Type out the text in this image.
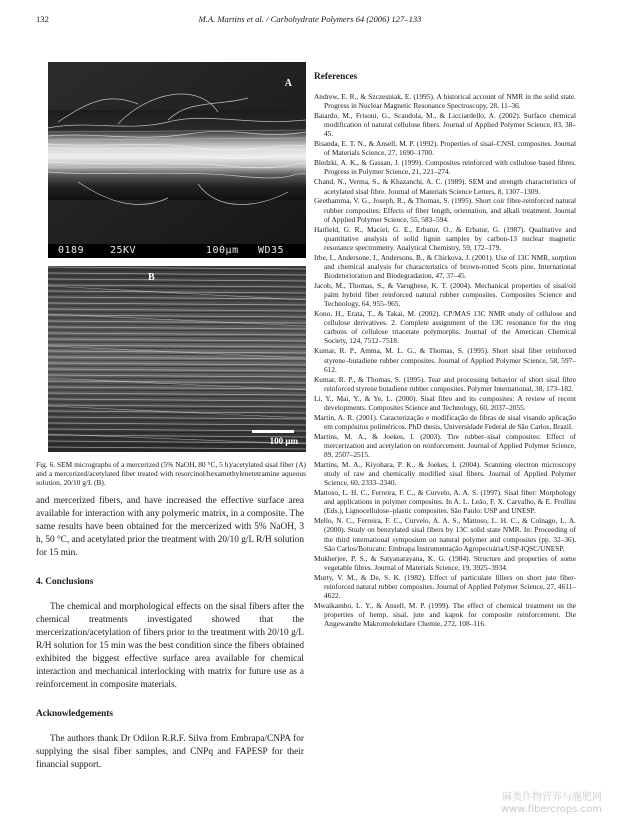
132	M.A. Martins et al. / Carbohydrate Polymers 64 (2006) 127–133
A
0189	25KV	100μm WD35
B
100 μm

Fig. 6. SEM micrographs of a mercerized (5% NaOH, 80 °C, 5 h)/acetylated sisal fiber (A) and a mercerized/acetylated fiber treated with resorcinol/hexamethylenetetramine aqueous solution, 20/10 g/L (B).

and mercerized fibers, and have increased the effective surface area available for interaction with any polymeric matrix, in a composite. The same results have been obtained for the mercerized with 5% NaOH, 3 h, 50 °C, and acetylated prior the treatment with 20/10 g/L R/H solution for 15 min.

4. Conclusions

The chemical and morphological effects on the sisal fibers after the chemical treatments investigated showed that the mercerization/acetylation of fibers prior to the treatment with 20/10 g/L R/H solution for 15 min was the best condition since the fibers obtained exhibited the biggest effective surface area available for chemical interaction and mechanical interlocking with matrix for future use as a reinforcement in composite materials.

Acknowledgements

The authors thank Dr Odilon R.R.F. Silva from Embrapa/CNPA for supplying the sisal fiber samples, and CNPq and FAPESP for their financial support.

References
Andrew, E. R., & Szczesniak, E. (1995). A historical account of NMR in the solid state. Progress in Nuclear Magnetic Resonance Spectroscopy, 28, 11–36.
Baiardo, M., Frisoni, G., Scandola, M., & Licciardello, A. (2002). Surface chemical modification of natural cellulose fibers. Journal of Applied Polymer Science, 83, 38–45.
Bisanda, E. T. N., & Ansell, M. P. (1992). Properties of sisal–CNSL composites. Journal of Materials Science, 27, 1690–1700.
Bledzki, A. K., & Gassan, J. (1999). Composites reinforced with cellulose based fibres. Progress in Polymer Science, 21, 221–274.
Chand, N., Verma, S., & Khazanchi, A. C. (1989). SEM and strength characteristics of acetylated sisal fibre. Journal of Materials Science Letters, 8, 1307–1309.
Geethamma, V. G., Joseph, R., & Thomas, S. (1995). Short coir fibre-reinforced natural rubber composites: Effects of fiber length, orientation, and alkali treatment. Journal of Applied Polymer Science, 55, 583–594.
Hatfield, G. R., Maciel, G. E., Erbatur, O., & Erbatur, G. (1987). Qualitative and quantitative analysis of solid lignin samples by carbon-13 nuclear magnetic resonance spectrometry. Analytical Chemistry, 59, 172–179.
Irbe, I., Andersone, I., Andersons, B., & Chirkova, J. (2001). Use of 13C NMR, sorption and chemical analysis for characteristics of brown-rotted Scots pine. International Biodeterioration and Biodegradation, 47, 37–45.
Jacob, M., Thomas, S., & Varughese, K. T. (2004). Mechanical properties of sisal/oil palm hybrid fiber reinforced natural rubber composites. Composites Science and Technology, 64, 955–965.
Kono, H., Erata, T., & Takai, M. (2002). CP/MAS 13C NMR study of cellulose and cellulose derivatives. 2. Complete assignment of the 13C resonance for the ring carbons of cellulose triacetate polymorphs. Journal of the American Chemical Society, 124, 7512–7518.
Kumar, R. P., Amma, M. L. G., & Thomas, S. (1995). Short sisal fiber reinforced styrene–butadiene rubber composites. Journal of Applied Polymer Science, 58, 597–612.
Kumar, R. P., & Thomas, S. (1995). Tear and processing behavior of short sisal fibre reinforced styrene butadiene rubber composites. Polymer International, 38, 173–182.
Li, Y., Mai, Y., & Ye, L. (2000). Sisal fibre and its composites: A review of recent developments. Composites Science and Technology, 60, 2037–2055.
Martin, A. R. (2001). Caracterização e modificação de fibras de sisal visando aplicação em compósitos poliméricos. PhD thesis, Universidade Federal de São Carlos, Brazil.
Martins, M. A., & Joekes, I. (2003). Tire rubber–sisal composites: Effect of mercerization and acetylation on reinforcement. Journal of Applied Polymer Science, 89, 2507–2515.
Martins, M. A., Kiyohara, P. K., & Joekes, I. (2004). Scanning electron microscopy study of raw and chemically modified sisal fibers. Journal of Applied Polymer Science, 60, 2333–2340.
Mattoso, L. H. C., Ferreira, F. C., & Curvelo, A. A. S. (1997). Sisal fiber: Morphology and applications in polymer composites. In A. L. Leão, F. X. Carvalho, & E. Frollini (Eds.), Lignocellulose–plastic composites. São Paulo: USP and UNESP.
Mello, N. C., Ferreira, F. C., Curvelo, A. A. S., Mattoso, L. H. C., & Colnago, L. A. (2000). Study on benzylated sisal fibers by 13C solid state NMR. In: Proceeding of the third international symposium on natural polymer and composites (pp. 32–36). São Carlos/Botucatu: Embrapa Instrumentação Agropecuária/USP-IQSC/UNESP.
Mukherjee, P. S., & Satyanarayana, K. G. (1984). Structure and properties of some vegetable fibres. Journal of Materials Science, 19, 3925–3934.
Murty, V. M., & De, S. K. (1982). Effect of particulate fillers on short jute fiber-reinforced natural rubber composites. Journal of Applied Polymer Science, 27, 4611–4622.
Mwaikambo, L. Y., & Ansell, M. P. (1999). The effect of chemical treatment on the properties of hemp, sisal, jute and kapok for composite reinforcement. Die Angewandte Makromolekulare Chemie, 272, 108–116.
麻类作物营养与施肥网
www.fibercrops.com
